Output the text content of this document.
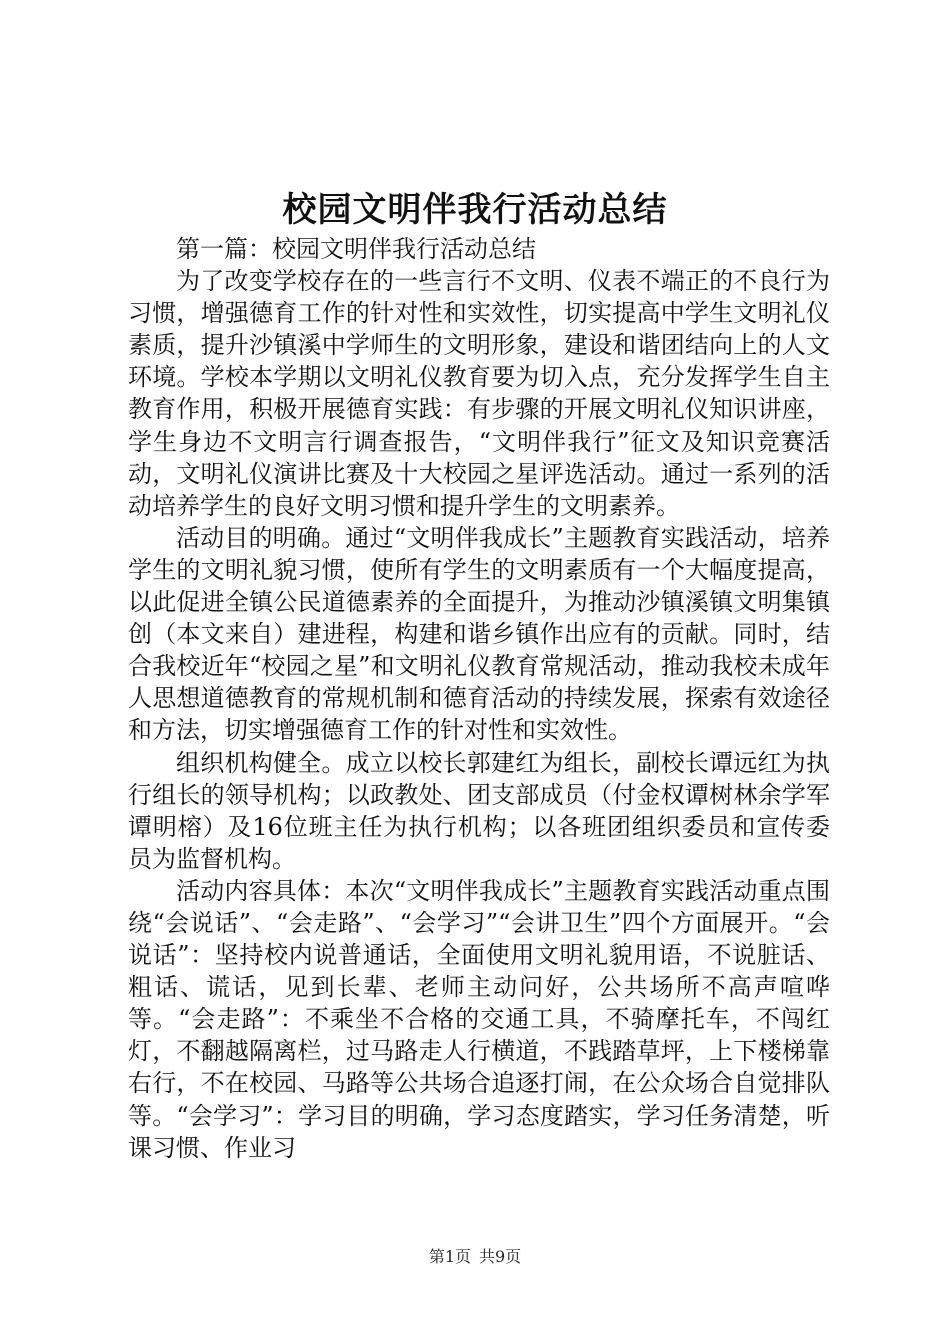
校园文明伴我行活动总结

第一篇：校园文明伴我行活动总结

为了改变学校存在的一些言行不文明、仪表不端正的不良行为习惯，增强德育工作的针对性和实效性，切实提高中学生文明礼仪素质，提升沙镇溪中学师生的文明形象，建设和谐团结向上的人文环境。学校本学期以文明礼仪教育要为切入点，充分发挥学生自主教育作用，积极开展德育实践：有步骤的开展文明礼仪知识讲座，学生身边不文明言行调查报告，“文明伴我行”征文及知识竞赛活动，文明礼仪演讲比赛及十大校园之星评选活动。通过一系列的活动培养学生的良好文明习惯和提升学生的文明素养。

活动目的明确。通过“文明伴我成长”主题教育实践活动，培养学生的文明礼貌习惯，使所有学生的文明素质有一个大幅度提高，以此促进全镇公民道德素养的全面提升，为推动沙镇溪镇文明集镇创（本文来自）建进程，构建和谐乡镇作出应有的贡献。同时，结合我校近年“校园之星”和文明礼仪教育常规活动，推动我校未成年人思想道德教育的常规机制和德育活动的持续发展，探索有效途径和方法，切实增强德育工作的针对性和实效性。

组织机构健全。成立以校长郭建红为组长，副校长谭远红为执行组长的领导机构；以政教处、团支部成员（付金权谭树林余学军谭明榕）及16位班主任为执行机构；以各班团组织委员和宣传委员为监督机构。

活动内容具体：本次“文明伴我成长”主题教育实践活动重点围绕“会说话”、“会走路”、“会学习”“会讲卫生”四个方面展开。“会说话”：坚持校内说普通话，全面使用文明礼貌用语，不说脏话、粗话、谎话，见到长辈、老师主动问好，公共场所不高声喧哗等。“会走路”：不乘坐不合格的交通工具，不骑摩托车，不闯红灯，不翻越隔离栏，过马路走人行横道，不践踏草坪，上下楼梯靠右行，不在校园、马路等公共场合追逐打闹，在公众场合自觉排队等。“会学习”：学习目的明确，学习态度踏实，学习任务清楚，听课习惯、作业习

第1页 共9页
